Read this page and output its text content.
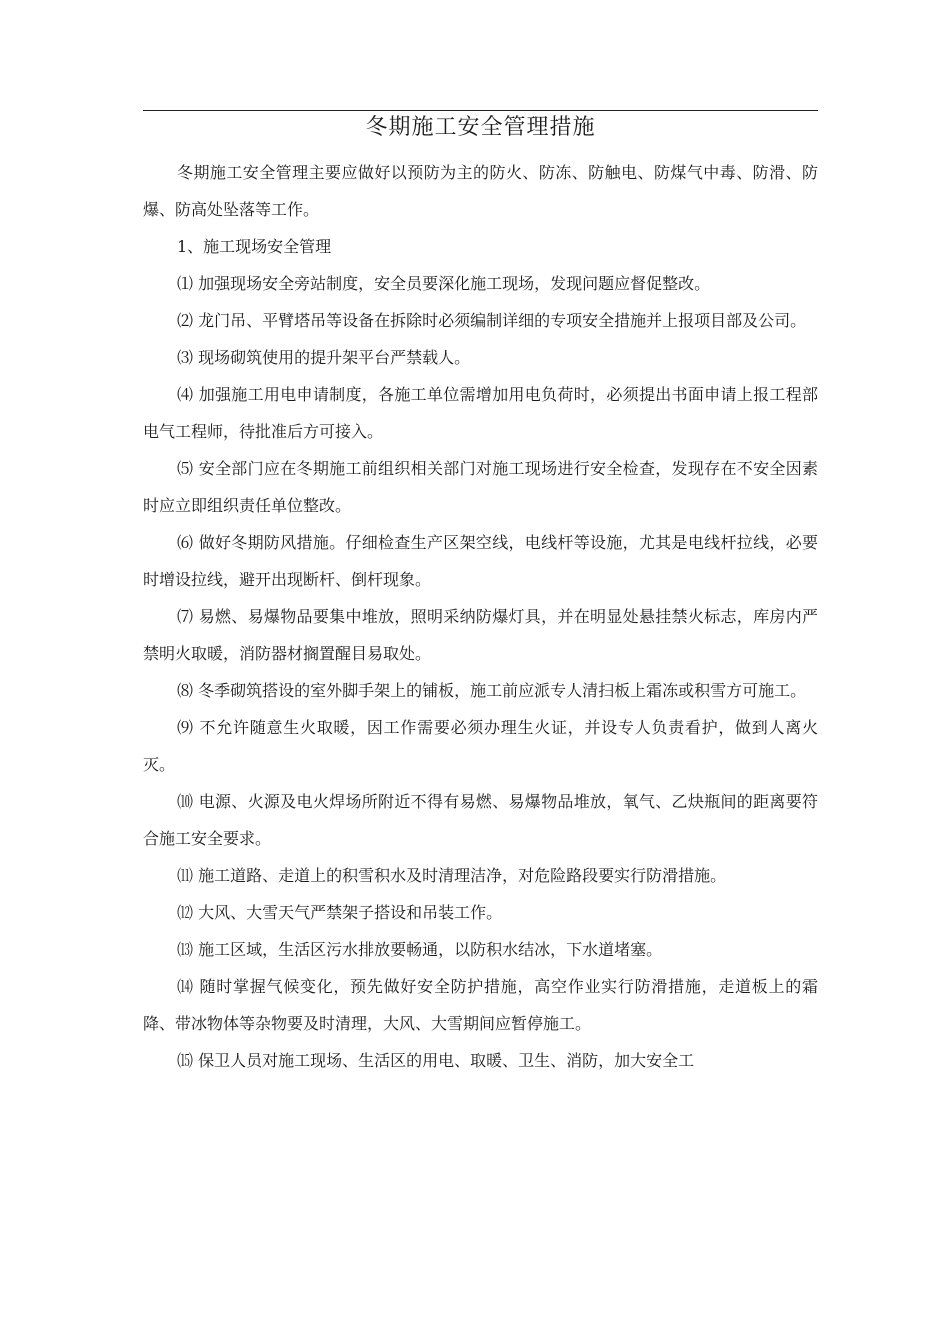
冬期施工安全管理措施

冬期施工安全管理主要应做好以预防为主的防火、防冻、防触电、防煤气中毒、防滑、防爆、防高处坠落等工作。

1、施工现场安全管理

⑴ 加强现场安全旁站制度，安全员要深化施工现场，发现问题应督促整改。

⑵ 龙门吊、平臂塔吊等设备在拆除时必须编制详细的专项安全措施并上报项目部及公司。

⑶ 现场砌筑使用的提升架平台严禁载人。

⑷ 加强施工用电申请制度，各施工单位需增加用电负荷时，必须提出书面申请上报工程部电气工程师，待批准后方可接入。

⑸ 安全部门应在冬期施工前组织相关部门对施工现场进行安全检查，发现存在不安全因素时应立即组织责任单位整改。

⑹ 做好冬期防风措施。仔细检查生产区架空线，电线杆等设施，尤其是电线杆拉线，必要时增设拉线，避开出现断杆、倒杆现象。

⑺ 易燃、易爆物品要集中堆放，照明采纳防爆灯具，并在明显处悬挂禁火标志，库房内严禁明火取暖，消防器材搁置醒目易取处。

⑻ 冬季砌筑搭设的室外脚手架上的铺板，施工前应派专人清扫板上霜冻或积雪方可施工。

⑼ 不允许随意生火取暖，因工作需要必须办理生火证，并设专人负责看护，做到人离火灭。

⑽ 电源、火源及电火焊场所附近不得有易燃、易爆物品堆放，氧气、乙炔瓶间的距离要符合施工安全要求。

⑾ 施工道路、走道上的积雪积水及时清理洁净，对危险路段要实行防滑措施。

⑿ 大风、大雪天气严禁架子搭设和吊装工作。

⒀ 施工区域，生活区污水排放要畅通，以防积水结冰，下水道堵塞。

⒁ 随时掌握气候变化，预先做好安全防护措施，高空作业实行防滑措施，走道板上的霜降、带冰物体等杂物要及时清理，大风、大雪期间应暂停施工。

⒂ 保卫人员对施工现场、生活区的用电、取暖、卫生、消防，加大安全工
